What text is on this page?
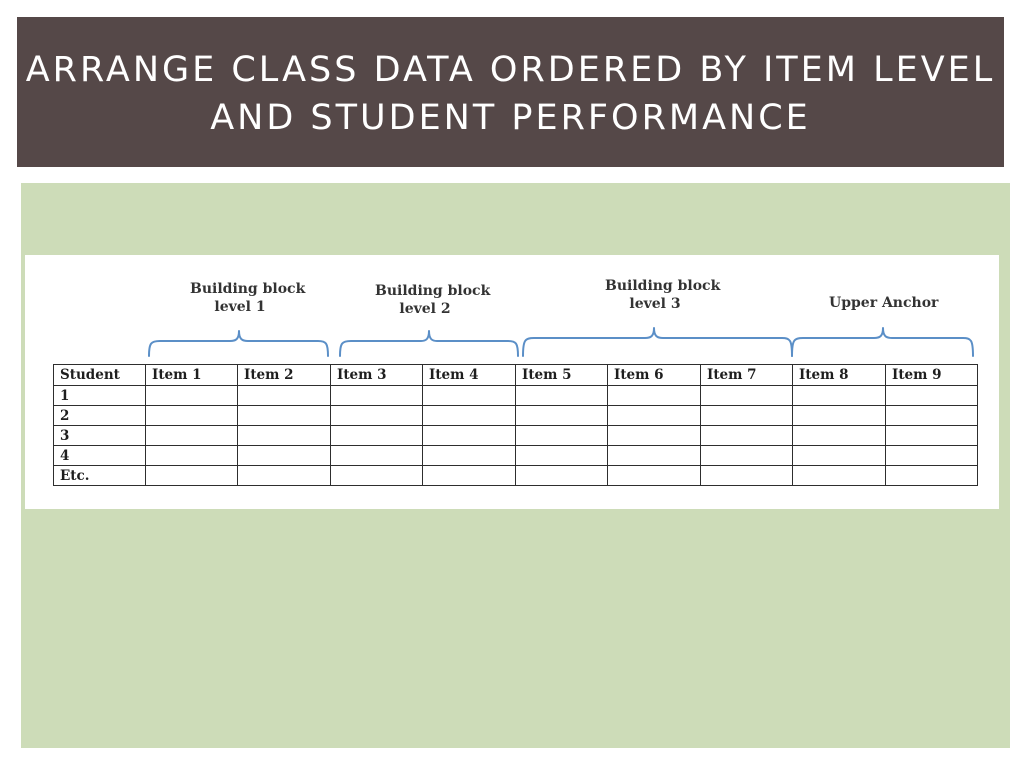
ARRANGE CLASS DATA ORDERED BY ITEM LEVEL AND STUDENT PERFORMANCE
Building block
level 1
Building block
level 2
Building block
level 3	Upper Anchor
Student	Item 1	Item 2	Item 3	Item 4	Item 5	Item 6	Item 7	Item 8	Item 9
1									
2									
3									
4									
Etc.									
